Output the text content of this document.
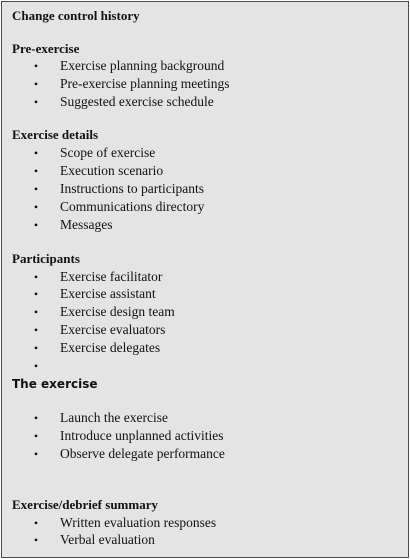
Change control history
Pre-exercise
• Exercise planning background
• Pre-exercise planning meetings
• Suggested exercise schedule
Exercise details
• Scope of exercise
• Execution scenario
• Instructions to participants
• Communications directory
• Messages
Participants
• Exercise facilitator
• Exercise assistant
• Exercise design team
• Exercise evaluators
• Exercise delegates
•
The exercise
• Launch the exercise
• Introduce unplanned activities
• Observe delegate performance
Exercise/debrief summary
• Written evaluation responses
• Verbal evaluation
